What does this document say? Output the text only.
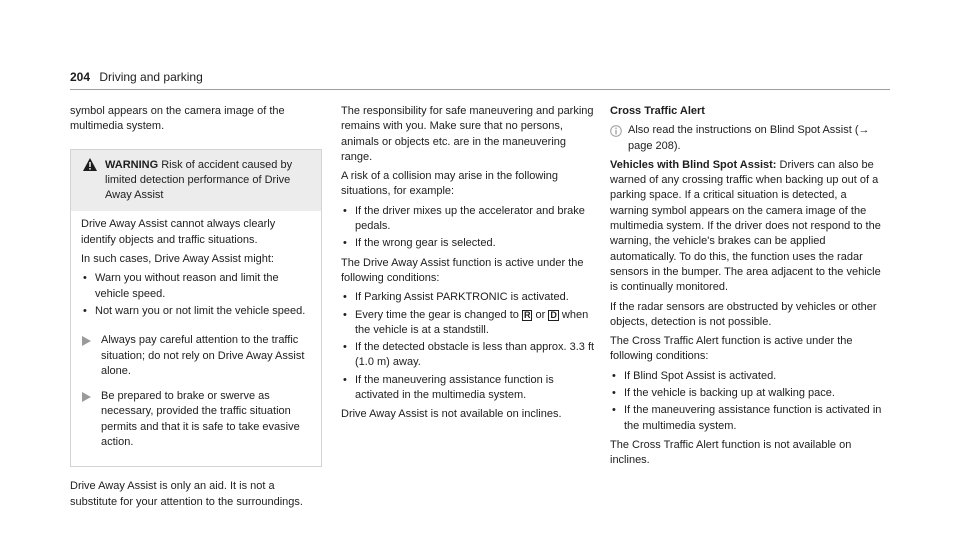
204 Driving and parking

symbol appears on the camera image of the multimedia system.

WARNING Risk of accident caused by limited detection performance of Drive Away Assist

Drive Away Assist cannot always clearly identify objects and traffic situations.

In such cases, Drive Away Assist might:

• Warn you without reason and limit the vehicle speed.
• Not warn you or not limit the vehicle speed.
Always pay careful attention to the traffic situation; do not rely on Drive Away Assist alone.
Be prepared to brake or swerve as necessary, provided the traffic situation permits and that it is safe to take evasive action.

Drive Away Assist is only an aid. It is not a substitute for your attention to the surroundings.

The responsibility for safe maneuvering and parking remains with you. Make sure that no persons, animals or objects etc. are in the maneuvering range.

A risk of a collision may arise in the following situations, for example:

• If the driver mixes up the accelerator and brake pedals.
• If the wrong gear is selected.

The Drive Away Assist function is active under the following conditions:

• If Parking Assist PARKTRONIC is activated.
• Every time the gear is changed to R or D when the vehicle is at a standstill.
• If the detected obstacle is less than approx. 3.3 ft (1.0 m) away.
• If the maneuvering assistance function is activated in the multimedia system.

Drive Away Assist is not available on inclines.

Cross Traffic Alert

Also read the instructions on Blind Spot Assist (→ page 208).

Vehicles with Blind Spot Assist: Drivers can also be warned of any crossing traffic when backing up out of a parking space. If a critical situation is detected, a warning symbol appears on the camera image of the multimedia system. If the driver does not respond to the warning, the vehicle's brakes can be applied automatically. To do this, the function uses the radar sensors in the bumper. The area adjacent to the vehicle is continually monitored.

If the radar sensors are obstructed by vehicles or other objects, detection is not possible.

The Cross Traffic Alert function is active under the following conditions:

• If Blind Spot Assist is activated.
• If the vehicle is backing up at walking pace.
• If the maneuvering assistance function is activated in the multimedia system.

The Cross Traffic Alert function is not available on inclines.
